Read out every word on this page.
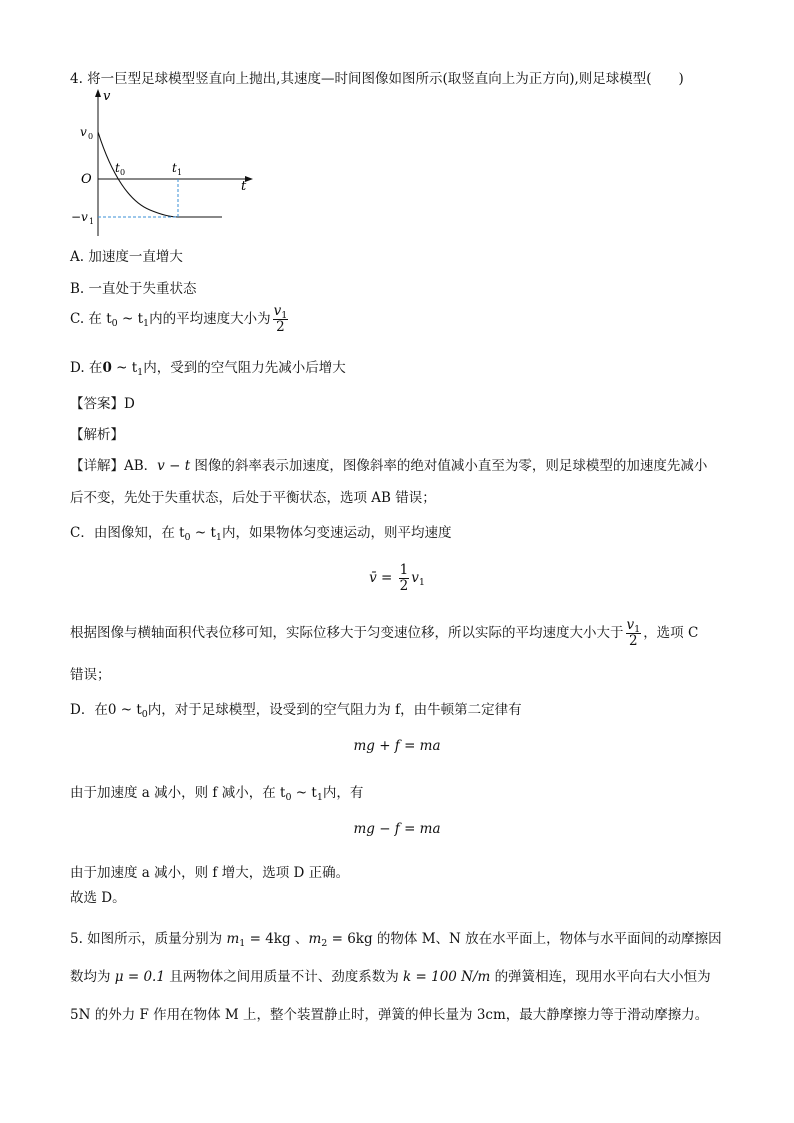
4. 将一巨型足球模型竖直向上抛出,其速度—时间图像如图所示(取竖直向上为正方向),则足球模型(　　)
v
t
O
v 0
t 0	t 1
−v 1
A. 加速度一直增大
B. 一直处于失重状态
C. 在 $t_0$ ~ $t_1$内的平均速度大小为 $\frac{v_1}{2}$
D. 在0 ~ $t_1$内，受到的空气阻力先减小后增大
【答案】D
【解析】
【详解】AB．v − t 图像的斜率表示加速度，图像斜率的绝对值减小直至为零，则足球模型的加速度先减小
后不变，先处于失重状态，后处于平衡状态，选项 AB 错误；
C．由图像知，在 $t_0$ ~ $t_1$内，如果物体匀变速运动，则平均速度
v̄ = $\frac{1}{2} v_1$
根据图像与横轴面积代表位移可知，实际位移大于匀变速位移，所以实际的平均速度大小大于 $\frac{v_1}{2}$ ，选项 C
错误；
D．在0 ~ $t_0$内，对于足球模型，设受到的空气阻力为 f，由牛顿第二定律有
mg + f = ma
由于加速度 a 减小，则 f 减小，在 $t_0$ ~ $t_1$内，有
mg − f = ma
由于加速度 a 减小，则 f 增大，选项 D 正确。
故选 D。
5. 如图所示，质量分别为 $m_1 = 4kg$ 、$m_2 = 6kg$ 的物体 M、N 放在水平面上，物体与水平面间的动摩擦因
数均为 μ = 0.1 且两物体之间用质量不计、劲度系数为 k = 100 N/m 的弹簧相连，现用水平向右大小恒为
5N 的外力 F 作用在物体 M 上，整个装置静止时，弹簧的伸长量为 3cm，最大静摩擦力等于滑动摩擦力。
